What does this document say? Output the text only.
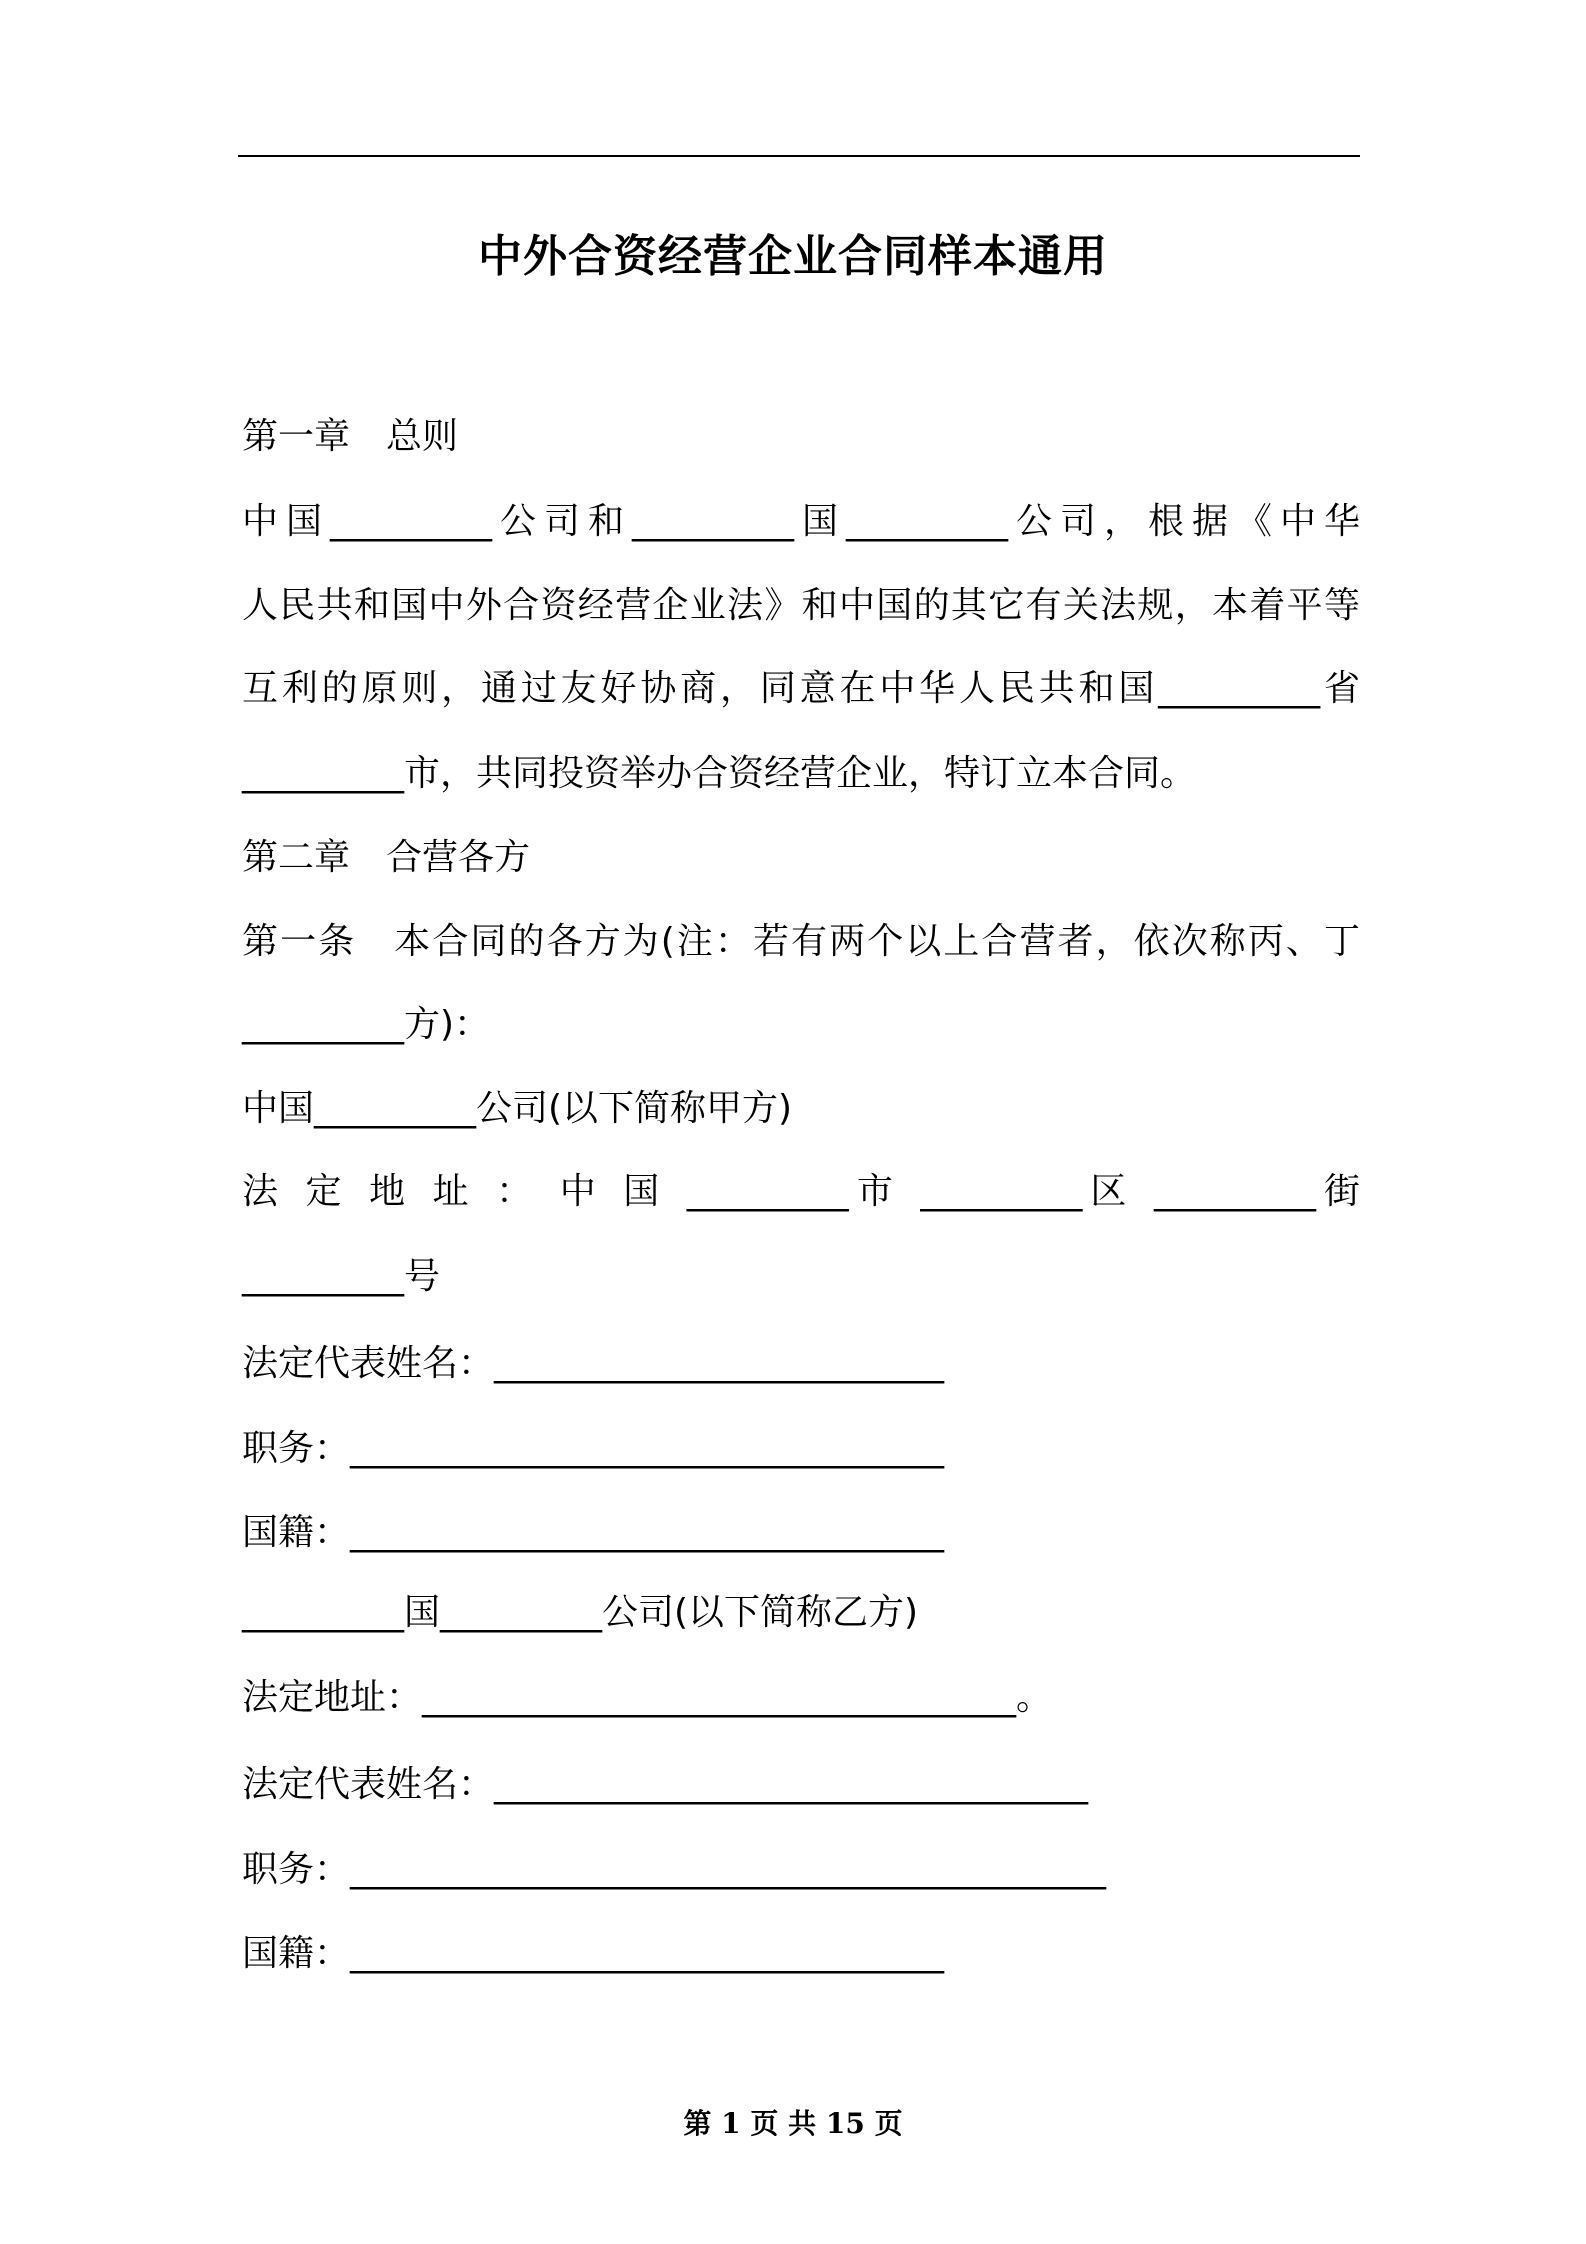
中外合资经营企业合同样本通用
第一章　总则
中国_________公司和_________国_________公司，根据《中华
人民共和国中外合资经营企业法》和中国的其它有关法规，本着平等
互利的原则，通过友好协商，同意在中华人民共和国_________省
_________市，共同投资举办合资经营企业，特订立本合同。
第二章　合营各方
第一条　本合同的各方为(注：若有两个以上合营者，依次称丙、丁
_________方)：
中国_________公司(以下简称甲方)
法 定 地 址 ： 中 国 _________市 _________区 _________街
_________号
法定代表姓名：_________________________
职务：_________________________________
国籍：_________________________________
_________国_________公司(以下简称乙方)
法定地址：_________________________________。
法定代表姓名：_________________________________
职务：__________________________________________
国籍：_________________________________
第 1 页 共 15 页
